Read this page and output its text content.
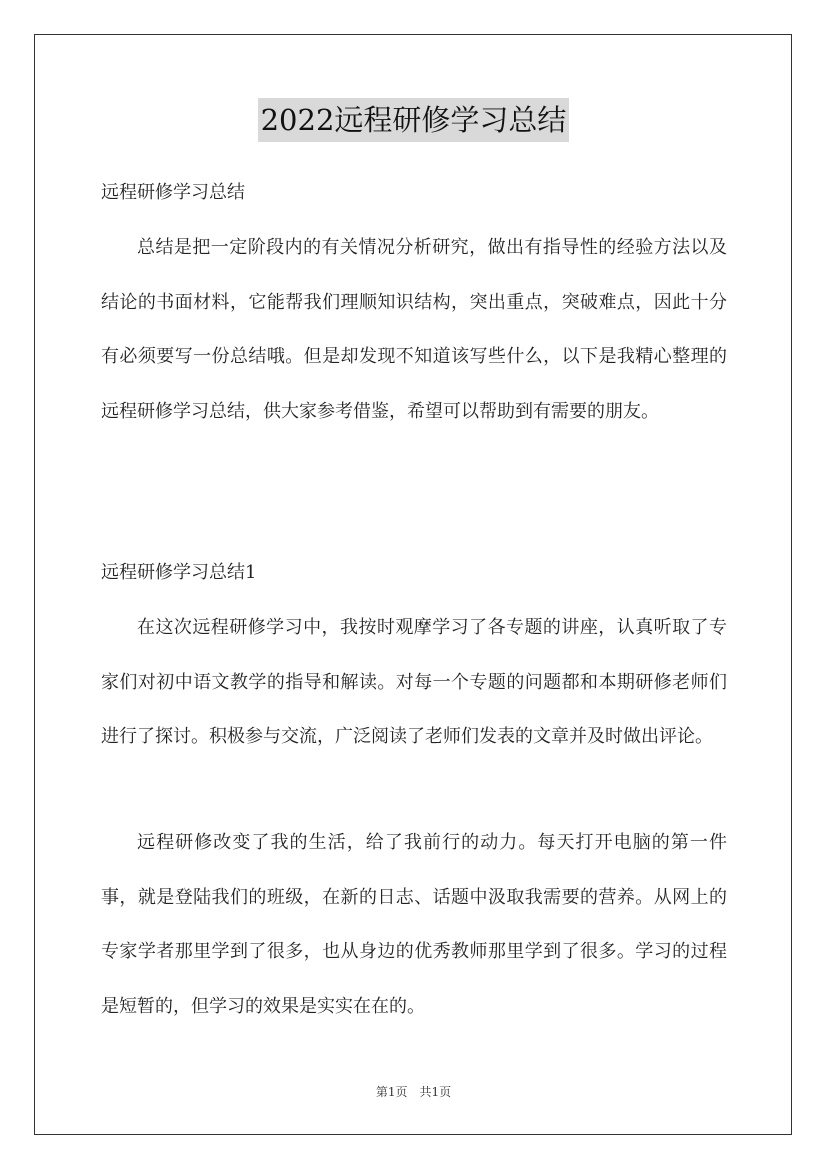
2022远程研修学习总结
远程研修学习总结
总结是把一定阶段内的有关情况分析研究，做出有指导性的经验方法以及结论的书面材料，它能帮我们理顺知识结构，突出重点，突破难点，因此十分有必须要写一份总结哦。但是却发现不知道该写些什么，以下是我精心整理的远程研修学习总结，供大家参考借鉴，希望可以帮助到有需要的朋友。
远程研修学习总结1
在这次远程研修学习中，我按时观摩学习了各专题的讲座，认真听取了专家们对初中语文教学的指导和解读。对每一个专题的问题都和本期研修老师们进行了探讨。积极参与交流，广泛阅读了老师们发表的文章并及时做出评论。
远程研修改变了我的生活，给了我前行的动力。每天打开电脑的第一件事，就是登陆我们的班级，在新的日志、话题中汲取我需要的营养。从网上的专家学者那里学到了很多，也从身边的优秀教师那里学到了很多。学习的过程是短暂的，但学习的效果是实实在在的。
第1页　共1页
